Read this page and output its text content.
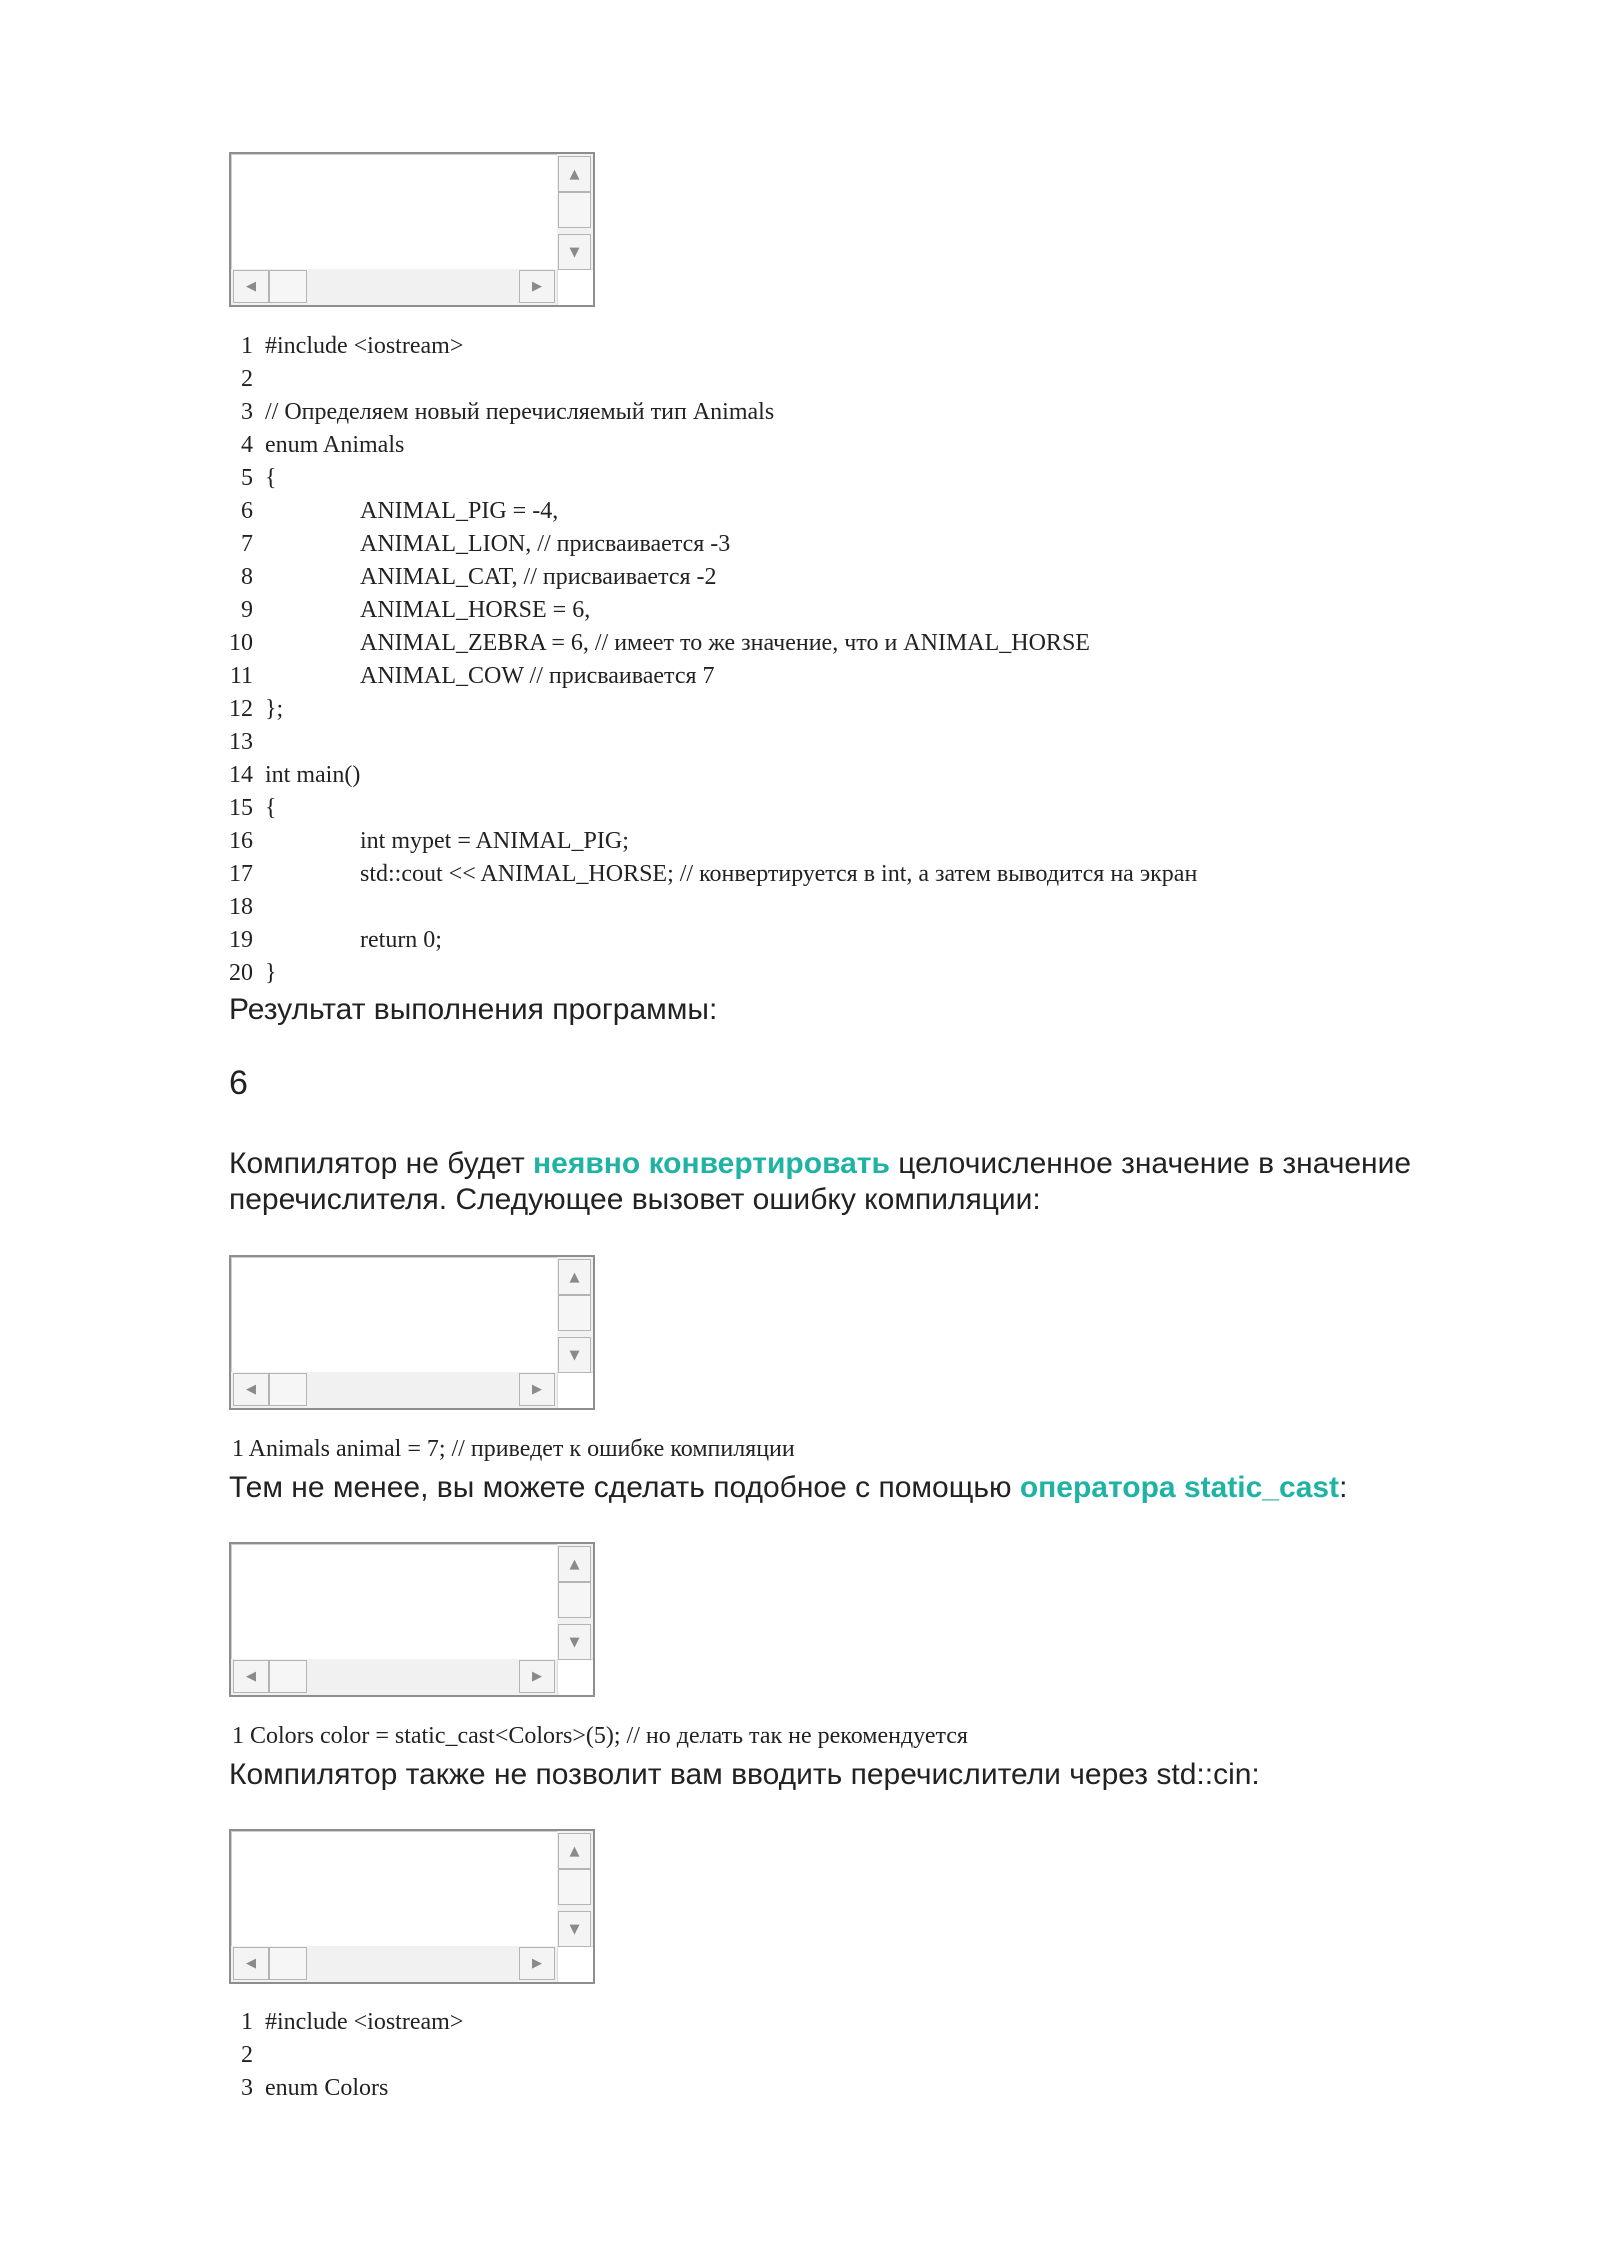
▲
▼
◀	▶
1 #include <iostream>
2
3 // Определяем новый перечисляемый тип Animals
4 enum Animals
5 {
6	ANIMAL_PIG = -4,
7	ANIMAL_LION, // присваивается -3
8	ANIMAL_CAT, // присваивается -2
9	ANIMAL_HORSE = 6,
10	ANIMAL_ZEBRA = 6, // имеет то же значение, что и ANIMAL_HORSE
11	ANIMAL_COW // присваивается 7
12 };
13
14 int main()
15 {
16	int mypet = ANIMAL_PIG;
17	std::cout << ANIMAL_HORSE; // конвертируется в int, а затем выводится на экран
18
19	return 0;
20 }
Результат выполнения программы:
6
Компилятор не будет неявно конвертировать целочисленное значение в значение перечислителя. Следующее вызовет ошибку компиляции:
▲
▼
◀	▶
1 Animals animal = 7; // приведет к ошибке компиляции
Тем не менее, вы можете сделать подобное с помощью оператора static_cast:
▲
▼
◀	▶
1 Colors color = static_cast<Colors>(5); // но делать так не рекомендуется
Компилятор также не позволит вам вводить перечислители через std::cin:
▲
▼
◀	▶
1 #include <iostream>
2
3 enum Colors
